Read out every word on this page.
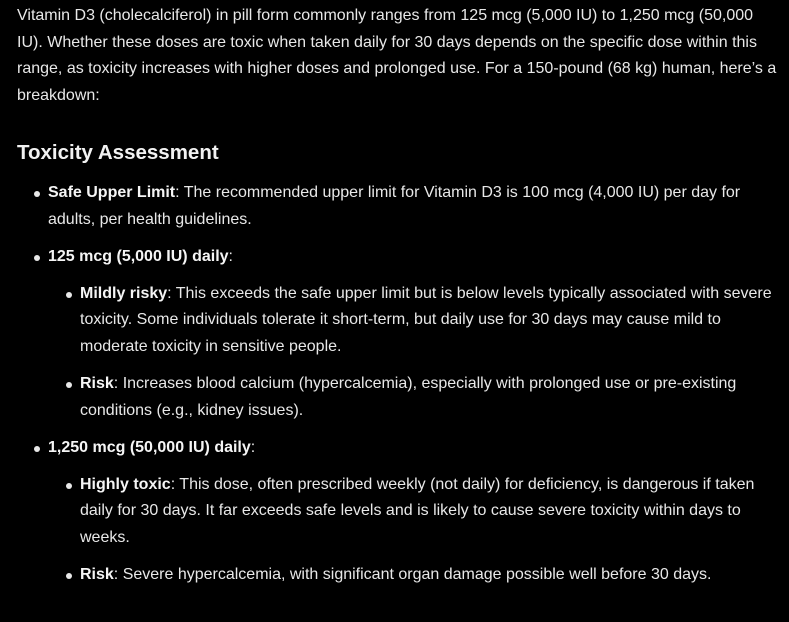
Vitamin D3 (cholecalciferol) in pill form commonly ranges from 125 mcg (5,000 IU) to 1,250 mcg (50,000 IU). Whether these doses are toxic when taken daily for 30 days depends on the specific dose within this range, as toxicity increases with higher doses and prolonged use. For a 150-pound (68 kg) human, here’s a breakdown:

Toxicity Assessment
Safe Upper Limit: The recommended upper limit for Vitamin D3 is 100 mcg (4,000 IU) per day for adults, per health guidelines.
125 mcg (5,000 IU) daily:
Mildly risky: This exceeds the safe upper limit but is below levels typically associated with severe toxicity. Some individuals tolerate it short-term, but daily use for 30 days may cause mild to moderate toxicity in sensitive people.
Risk: Increases blood calcium (hypercalcemia), especially with prolonged use or pre-existing conditions (e.g., kidney issues).
1,250 mcg (50,000 IU) daily:
Highly toxic: This dose, often prescribed weekly (not daily) for deficiency, is dangerous if taken daily for 30 days. It far exceeds safe levels and is likely to cause severe toxicity within days to weeks.
Risk: Severe hypercalcemia, with significant organ damage possible well before 30 days.
